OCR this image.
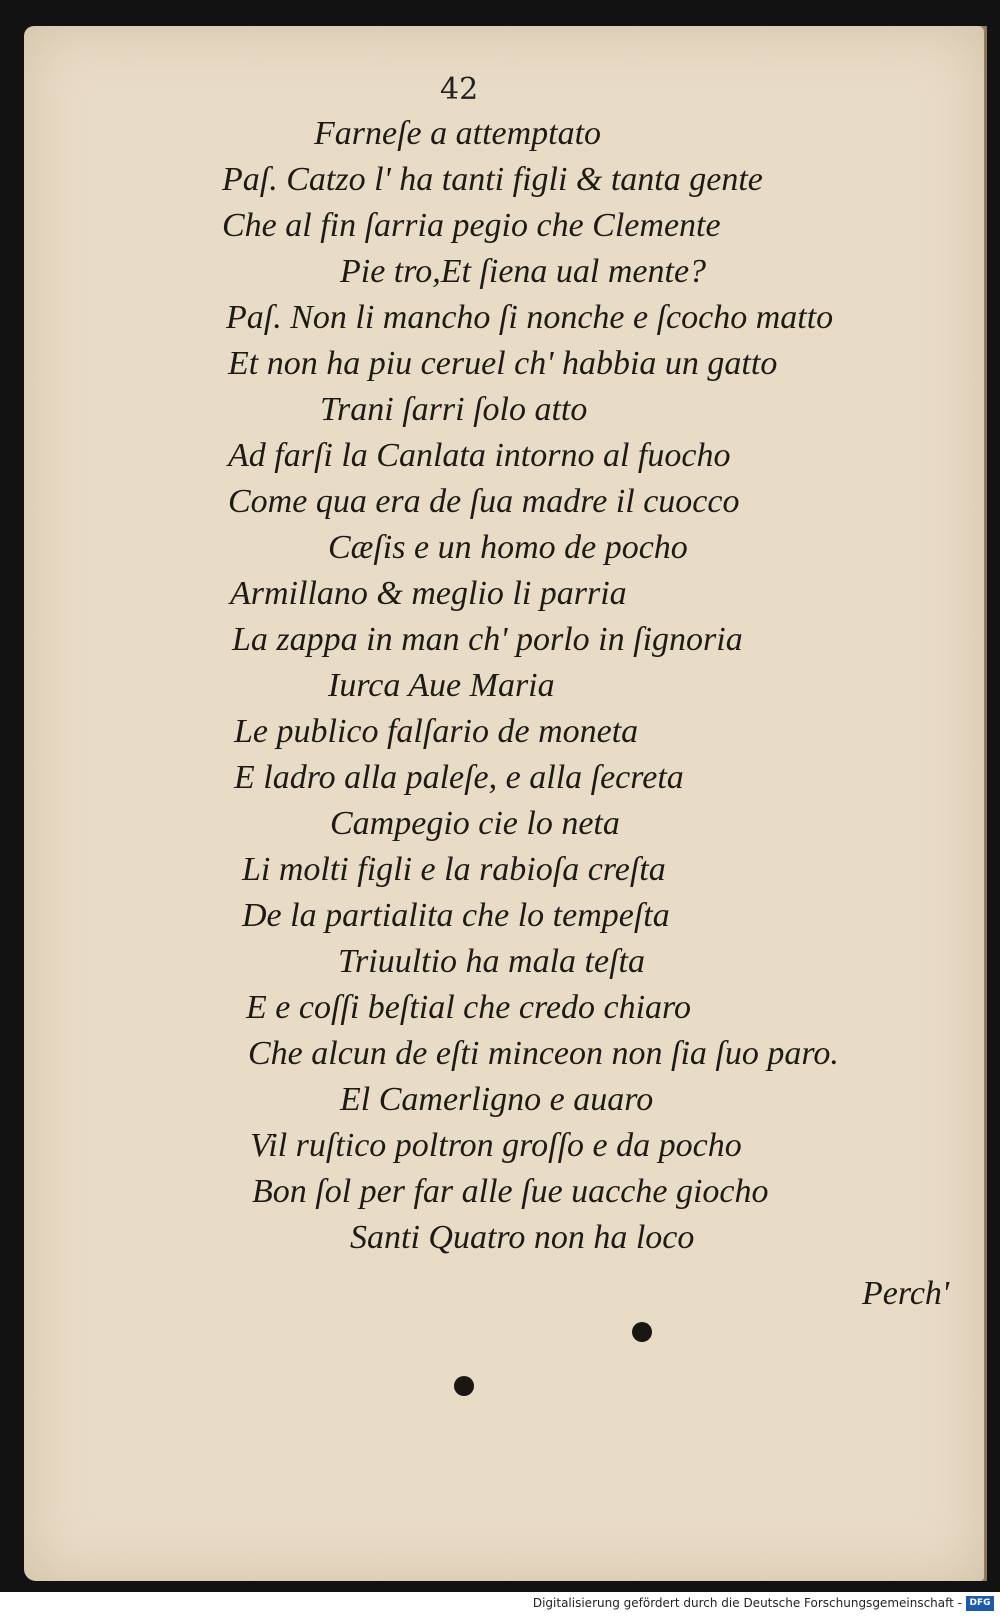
42
Farneſe a attemptato
Paſ. Catzo l' ha tanti figli & tanta gente
Che al fin ſarria pegio che Clemente
Pie tro,Et ſiena ual mente?
Paſ. Non li mancho ſi nonche e ſcocho matto
Et non ha piu ceruel ch' habbia un gatto
Trani ſarri ſolo atto
Ad farſi la Canlata intorno al fuocho
Come qua era de ſua madre il cuocco
Cæſis e un homo de pocho
Armillano & meglio li parria
La zappa in man ch' porlo in ſignoria
Iurca Aue Maria
Le publico falſario de moneta
E ladro alla paleſe, e alla ſecreta
Campegio cie lo neta
Li molti figli e la rabioſa creſta
De la partialita che lo tempeſta
Triuultio ha mala teſta
E e coſſi beſtial che credo chiaro
Che alcun de eſti minceon non ſia ſuo paro.
El Camerligno e auaro
Vil ruſtico poltron groſſo e da pocho
Bon ſol per far alle ſue uacche giocho
Santi Quatro non ha loco
Perch'
Digitalisierung gefördert durch die Deutsche Forschungsgemeinschaft - DFG
